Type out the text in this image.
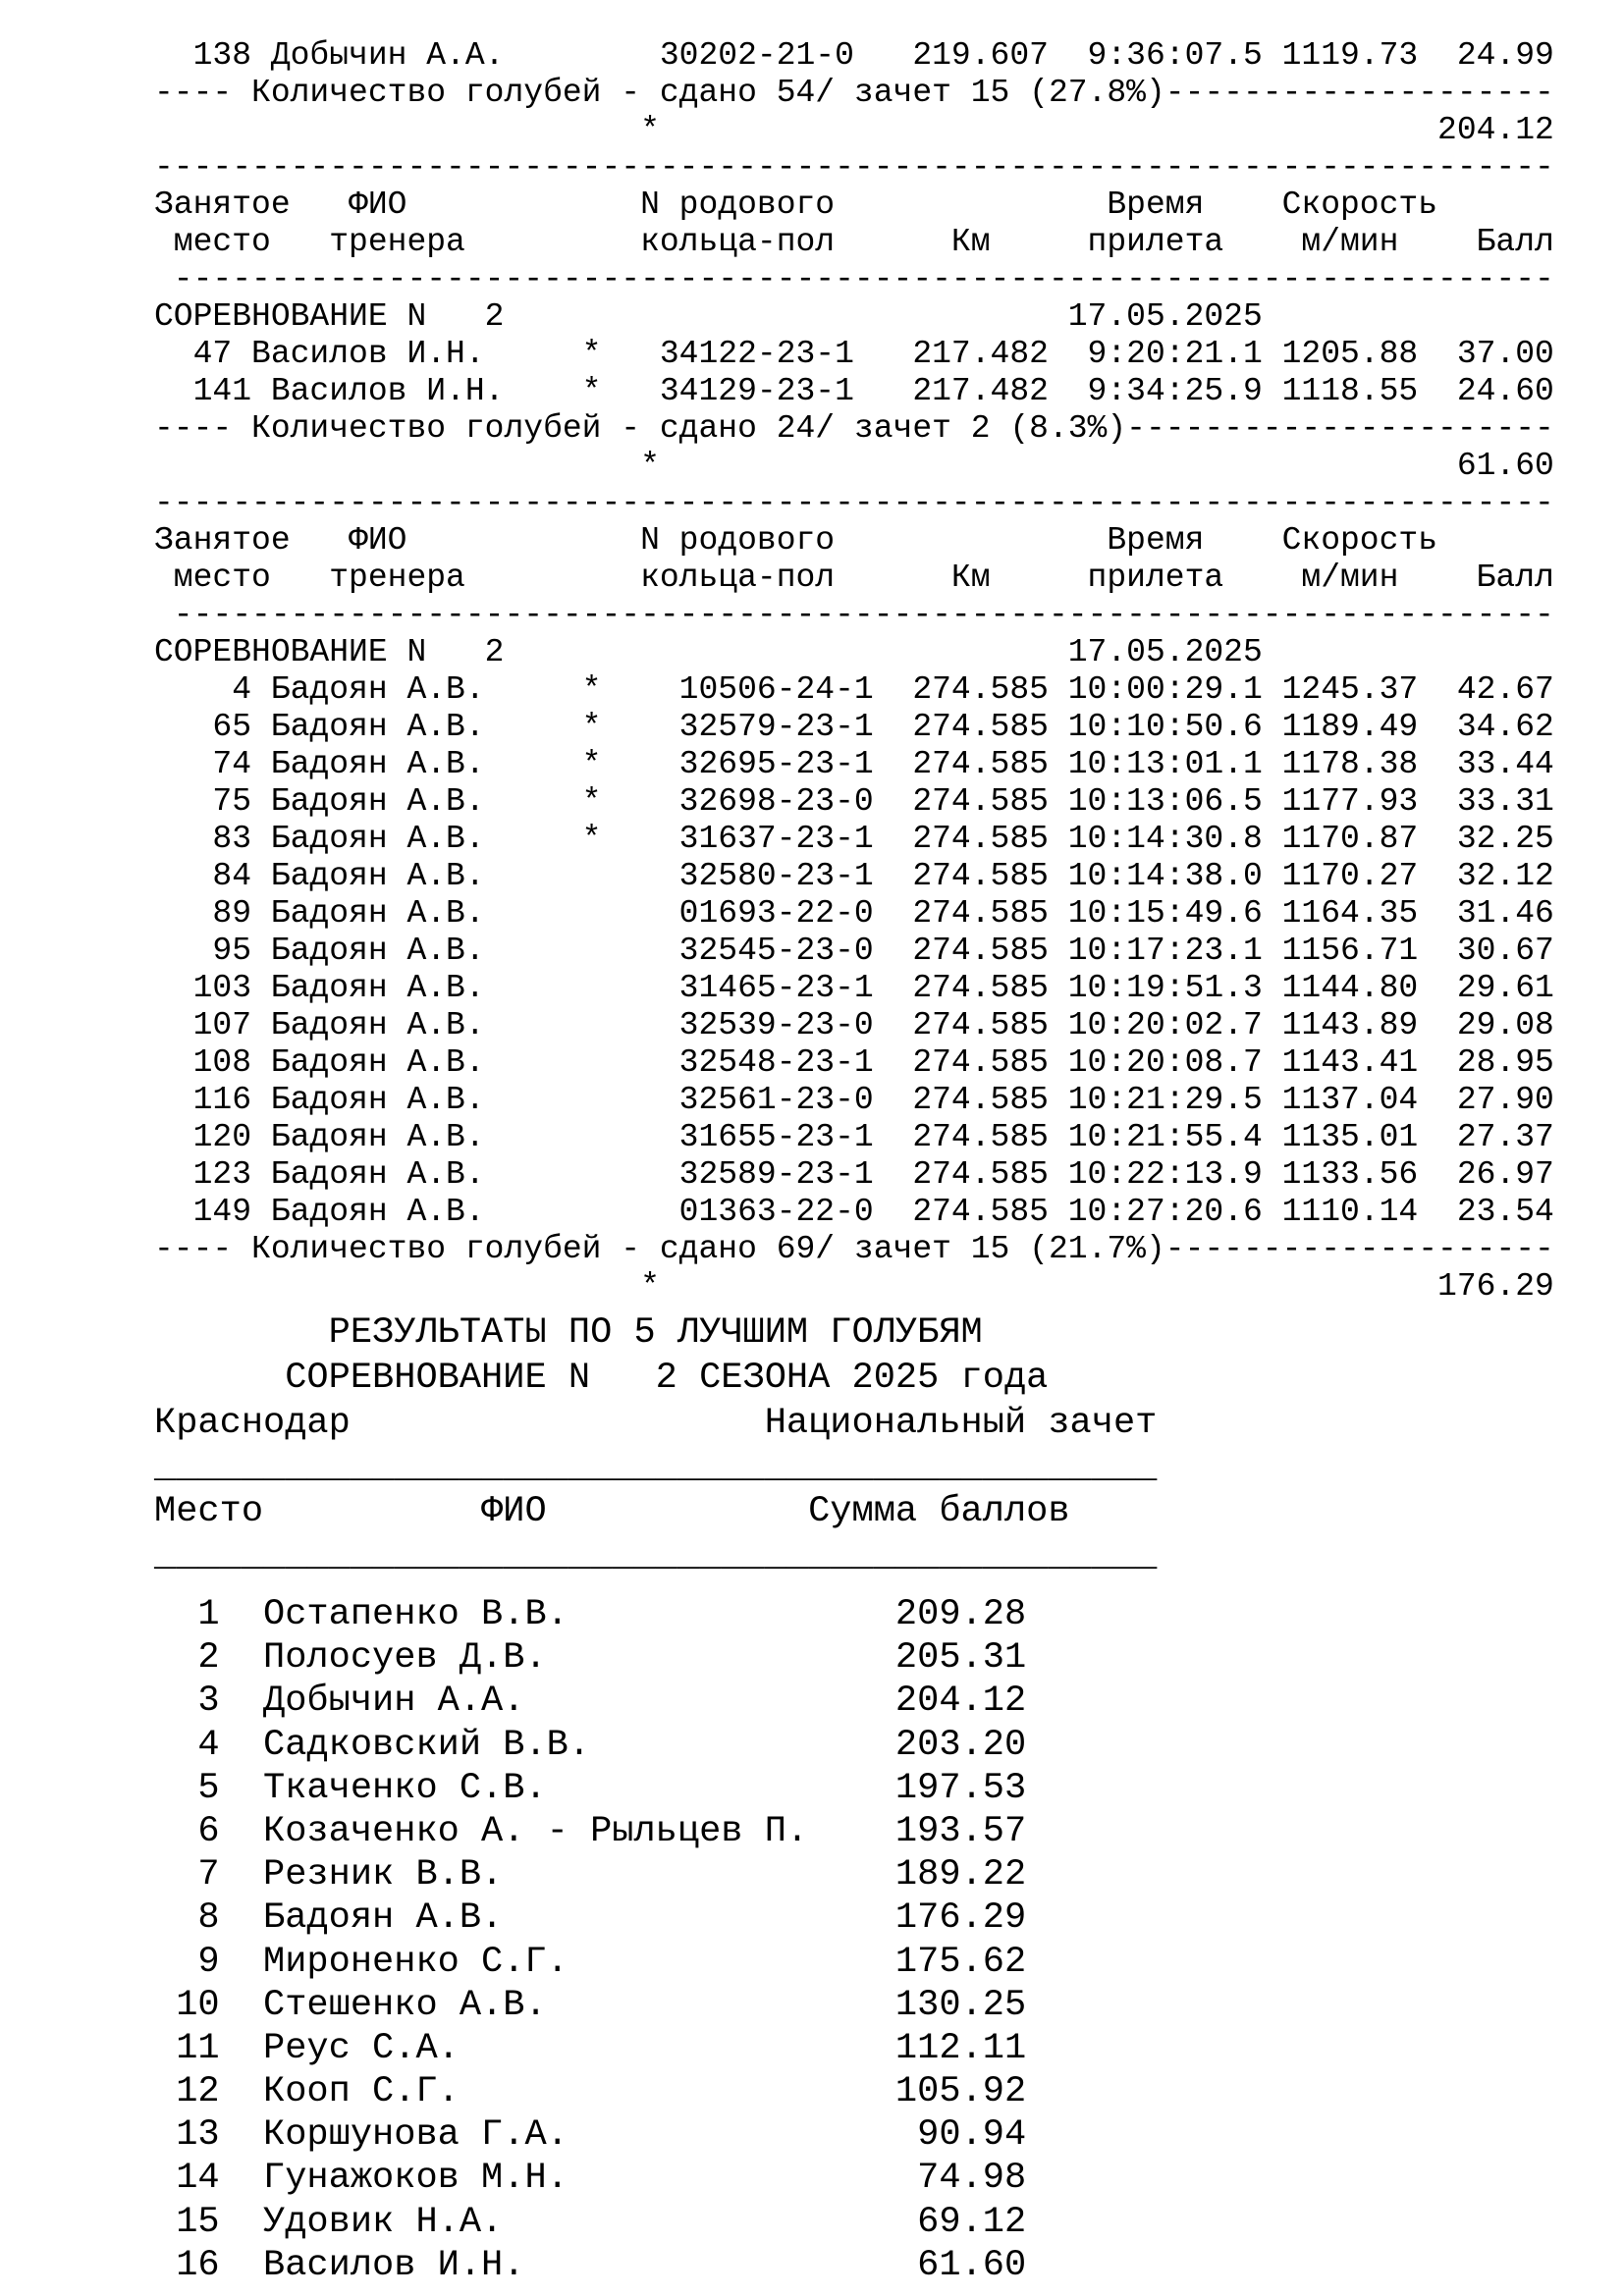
138 Добычин А.А.        30202-21-0   219.607  9:36:07.5 1119.73  24.99
---- Количество голубей - сдано 54/ зачет 15 (27.8%)--------------------
*                                        204.12
------------------------------------------------------------------------
Занятое   ФИО            N родового              Время    Скорость
место   тренера         кольца-пол      Км     прилета    м/мин    Балл
-----------------------------------------------------------------------
СОРЕВНОВАНИЕ N   2                             17.05.2025
47 Василов И.Н.     *   34122-23-1   217.482  9:20:21.1 1205.88  37.00
141 Василов И.Н.    *   34129-23-1   217.482  9:34:25.9 1118.55  24.60
---- Количество голубей - сдано 24/ зачет 2 (8.3%)----------------------
*                                         61.60
------------------------------------------------------------------------
Занятое   ФИО            N родового              Время    Скорость
место   тренера         кольца-пол      Км     прилета    м/мин    Балл
-----------------------------------------------------------------------
СОРЕВНОВАНИЕ N   2                             17.05.2025
4 Бадоян А.В.     *    10506-24-1  274.585 10:00:29.1 1245.37  42.67
65 Бадоян А.В.     *    32579-23-1  274.585 10:10:50.6 1189.49  34.62
74 Бадоян А.В.     *    32695-23-1  274.585 10:13:01.1 1178.38  33.44
75 Бадоян А.В.     *    32698-23-0  274.585 10:13:06.5 1177.93  33.31
83 Бадоян А.В.     *    31637-23-1  274.585 10:14:30.8 1170.87  32.25
84 Бадоян А.В.          32580-23-1  274.585 10:14:38.0 1170.27  32.12
89 Бадоян А.В.          01693-22-0  274.585 10:15:49.6 1164.35  31.46
95 Бадоян А.В.          32545-23-0  274.585 10:17:23.1 1156.71  30.67
103 Бадоян А.В.          31465-23-1  274.585 10:19:51.3 1144.80  29.61
107 Бадоян А.В.          32539-23-0  274.585 10:20:02.7 1143.89  29.08
108 Бадоян А.В.          32548-23-1  274.585 10:20:08.7 1143.41  28.95
116 Бадоян А.В.          32561-23-0  274.585 10:21:29.5 1137.04  27.90
120 Бадоян А.В.          31655-23-1  274.585 10:21:55.4 1135.01  27.37
123 Бадоян А.В.          32589-23-1  274.585 10:22:13.9 1133.56  26.97
149 Бадоян А.В.          01363-22-0  274.585 10:27:20.6 1110.14  23.54
---- Количество голубей - сдано 69/ зачет 15 (21.7%)--------------------
*                                        176.29
РЕЗУЛЬТАТЫ ПО 5 ЛУЧШИМ ГОЛУБЯМ
СОРЕВНОВАНИЕ N   2 СЕЗОНА 2025 года
Краснодар                   Национальный зачет
______________________________________________
Место          ФИО            Сумма баллов
______________________________________________
1  Остапенко В.В.               209.28
2  Полосуев Д.В.                205.31
3  Добычин А.А.                 204.12
4  Садковский В.В.              203.20
5  Ткаченко С.В.                197.53
6  Козаченко А. - Рыльцев П.    193.57
7  Резник В.В.                  189.22
8  Бадоян А.В.                  176.29
9  Мироненко С.Г.               175.62
10  Стешенко А.В.                130.25
11  Реус С.А.                    112.11
12  Кооп С.Г.                    105.92
13  Коршунова Г.А.                90.94
14  Гунажоков М.Н.                74.98
15  Удовик Н.А.                   69.12
16  Василов И.Н.                  61.60
